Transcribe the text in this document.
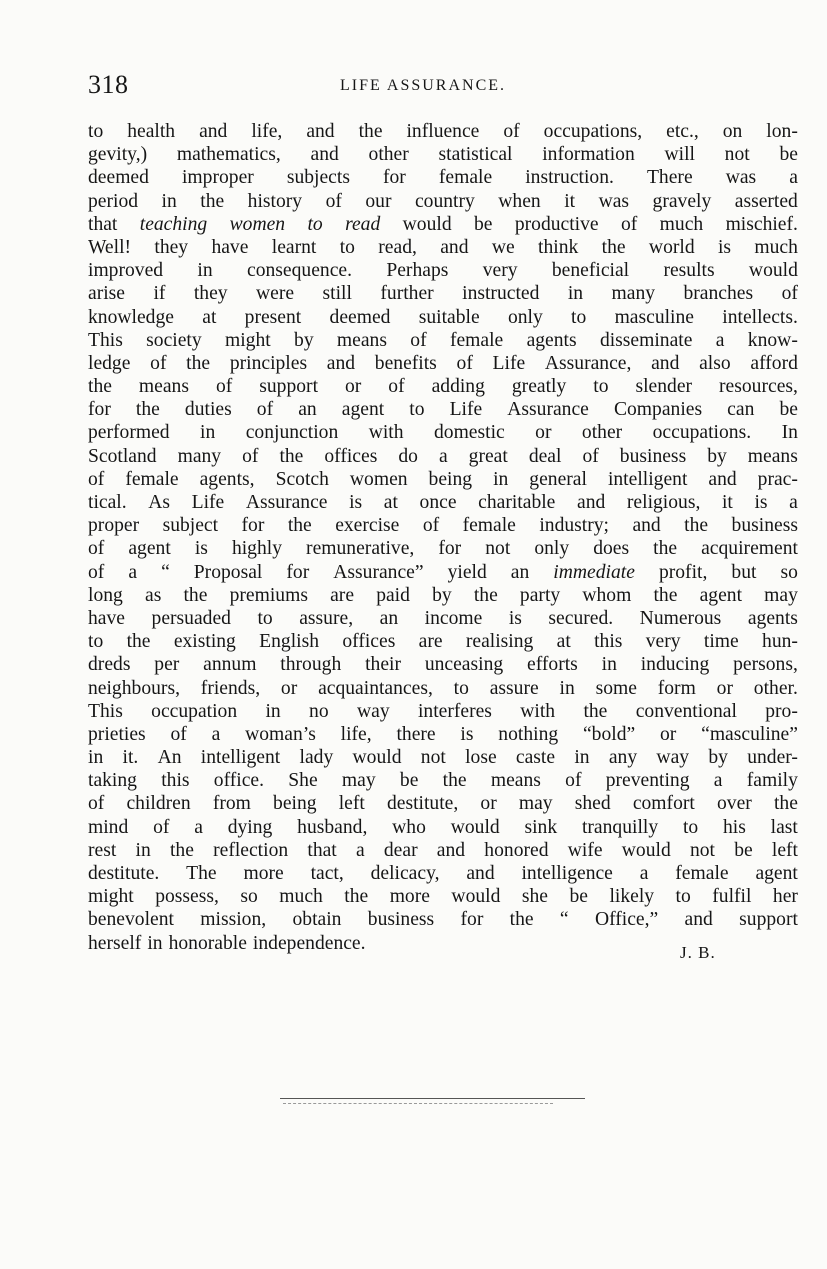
318	LIFE ASSURANCE.
to health and life, and the influence of occupations, etc., on lon-
gevity,) mathematics, and other statistical information will not be
deemed improper subjects for female instruction. There was a
period in the history of our country when it was gravely asserted
that teaching women to read would be productive of much mischief.
Well! they have learnt to read, and we think the world is much
improved in consequence. Perhaps very beneficial results would
arise if they were still further instructed in many branches of
knowledge at present deemed suitable only to masculine intellects.
This society might by means of female agents disseminate a know-
ledge of the principles and benefits of Life Assurance, and also afford
the means of support or of adding greatly to slender resources,
for the duties of an agent to Life Assurance Companies can be
performed in conjunction with domestic or other occupations. In
Scotland many of the offices do a great deal of business by means
of female agents, Scotch women being in general intelligent and prac-
tical. As Life Assurance is at once charitable and religious, it is a
proper subject for the exercise of female industry; and the business
of agent is highly remunerative, for not only does the acquirement
of a “ Proposal for Assurance” yield an immediate profit, but so
long as the premiums are paid by the party whom the agent may
have persuaded to assure, an income is secured. Numerous agents
to the existing English offices are realising at this very time hun-
dreds per annum through their unceasing efforts in inducing persons,
neighbours, friends, or acquaintances, to assure in some form or other.
This occupation in no way interferes with the conventional pro-
prieties of a woman’s life, there is nothing “bold” or “masculine”
in it. An intelligent lady would not lose caste in any way by under-
taking this office. She may be the means of preventing a family
of children from being left destitute, or may shed comfort over the
mind of a dying husband, who would sink tranquilly to his last
rest in the reflection that a dear and honored wife would not be left
destitute. The more tact, delicacy, and intelligence a female agent
might possess, so much the more would she be likely to fulfil her
benevolent mission, obtain business for the “ Office,” and support
herself in honorable independence.	J. B.
